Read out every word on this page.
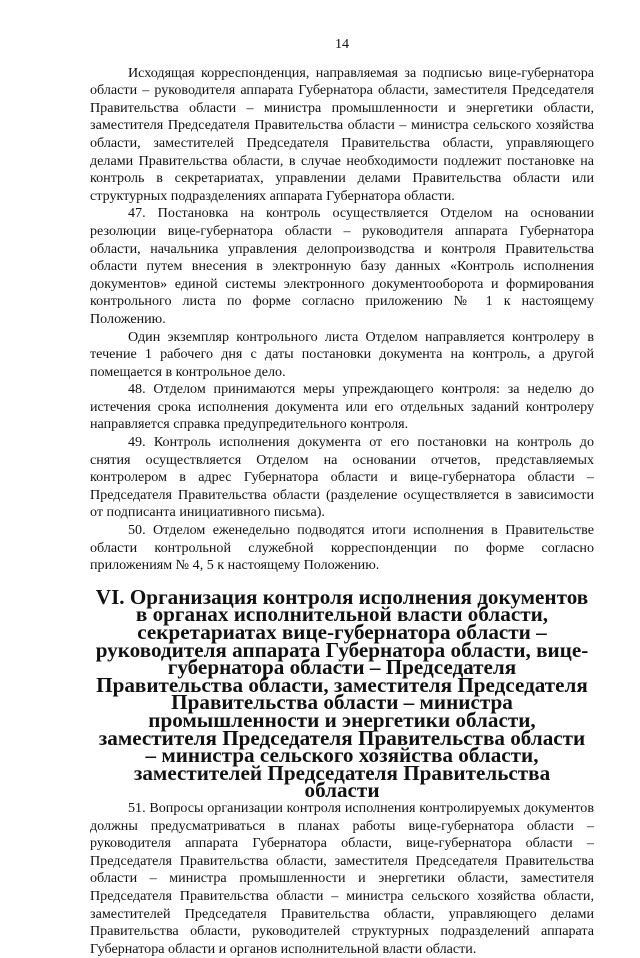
14

Исходящая корреспонденция, направляемая за подписью вице-губернатора области – руководителя аппарата Губернатора области, заместителя Председателя Правительства области – министра промышленности и энергетики области, заместителя Председателя Правительства области – министра сельского хозяйства области, заместителей Председателя Правительства области, управляющего делами Правительства области, в случае необходимости подлежит постановке на контроль в секретариатах, управлении делами Правительства области или структурных подразделениях аппарата Губернатора области.

47. Постановка на контроль осуществляется Отделом на основании резолюции вице-губернатора области – руководителя аппарата Губернатора области, начальника управления делопроизводства и контроля Правительства области путем внесения в электронную базу данных «Контроль исполнения документов» единой системы электронного документооборота и формирования контрольного листа по форме согласно приложению № 1 к настоящему Положению.

Один экземпляр контрольного листа Отделом направляется контролеру в течение 1 рабочего дня с даты постановки документа на контроль, а другой помещается в контрольное дело.

48. Отделом принимаются меры упреждающего контроля: за неделю до истечения срока исполнения документа или его отдельных заданий контролеру направляется справка предупредительного контроля.

49. Контроль исполнения документа от его постановки на контроль до снятия осуществляется Отделом на основании отчетов, представляемых контролером в адрес Губернатора области и вице-губернатора области – Председателя Правительства области (разделение осуществляется в зависимости от подписанта инициативного письма).

50. Отделом еженедельно подводятся итоги исполнения в Правительстве области контрольной служебной корреспонденции по форме согласно приложениям № 4, 5 к настоящему Положению.

VI. Организация контроля исполнения документов в органах исполнительной власти области, секретариатах вице-губернатора области – руководителя аппарата Губернатора области, вице-губернатора области – Председателя Правительства области, заместителя Председателя Правительства области – министра промышленности и энергетики области, заместителя Председателя Правительства области – министра сельского хозяйства области, заместителей Председателя Правительства области

51. Вопросы организации контроля исполнения контролируемых документов должны предусматриваться в планах работы вице-губернатора области – руководителя аппарата Губернатора области, вице-губернатора области – Председателя Правительства области, заместителя Председателя Правительства области – министра промышленности и энергетики области, заместителя Председателя Правительства области – министра сельского хозяйства области, заместителей Председателя Правительства области, управляющего делами Правительства области, руководителей структурных подразделений аппарата Губернатора области и органов исполнительной власти области.
